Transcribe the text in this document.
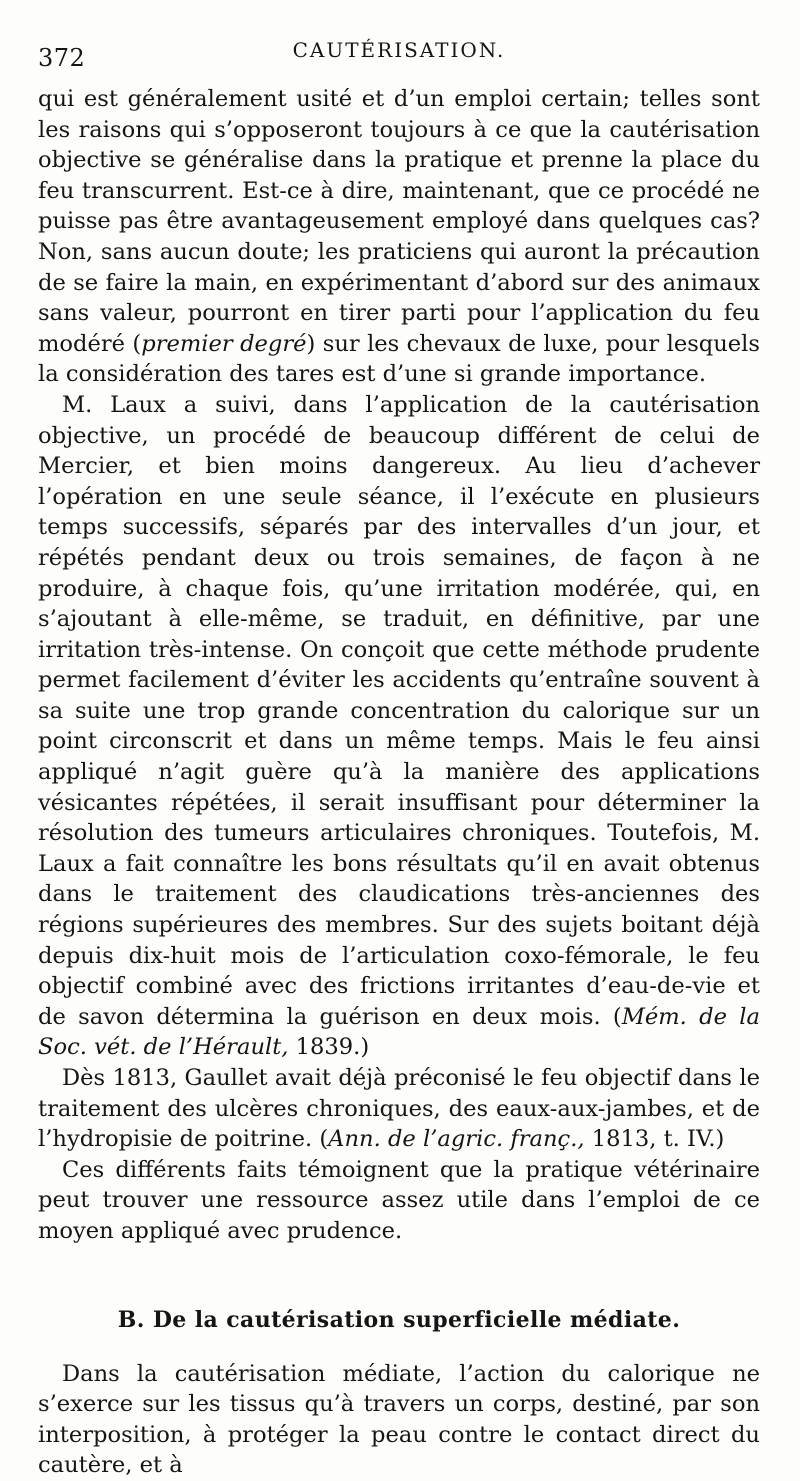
372	CAUTÉRISATION.

qui est généralement usité et d’un emploi certain; telles sont les raisons qui s’opposeront toujours à ce que la cautérisation objective se généralise dans la pratique et prenne la place du feu transcurrent. Est-ce à dire, maintenant, que ce procédé ne puisse pas être avantageusement employé dans quelques cas? Non, sans aucun doute; les praticiens qui auront la précaution de se faire la main, en expérimentant d’abord sur des animaux sans valeur, pourront en tirer parti pour l’application du feu modéré (premier degré) sur les chevaux de luxe, pour lesquels la considération des tares est d’une si grande importance.

M. Laux a suivi, dans l’application de la cautérisation objective, un procédé de beaucoup différent de celui de Mercier, et bien moins dangereux. Au lieu d’achever l’opération en une seule séance, il l’exécute en plusieurs temps successifs, séparés par des intervalles d’un jour, et répétés pendant deux ou trois semaines, de façon à ne produire, à chaque fois, qu’une irritation modérée, qui, en s’ajoutant à elle-même, se traduit, en définitive, par une irritation très-intense. On conçoit que cette méthode prudente permet facilement d’éviter les accidents qu’entraîne souvent à sa suite une trop grande concentration du calorique sur un point circonscrit et dans un même temps. Mais le feu ainsi appliqué n’agit guère qu’à la manière des applications vésicantes répétées, il serait insuffisant pour déterminer la résolution des tumeurs articulaires chroniques. Toutefois, M. Laux a fait connaître les bons résultats qu’il en avait obtenus dans le traitement des claudications très-anciennes des régions supérieures des membres. Sur des sujets boitant déjà depuis dix-huit mois de l’articulation coxo-fémorale, le feu objectif combiné avec des frictions irritantes d’eau-de-vie et de savon détermina la guérison en deux mois. (Mém. de la Soc. vét. de l’Hérault, 1839.)

Dès 1813, Gaullet avait déjà préconisé le feu objectif dans le traitement des ulcères chroniques, des eaux-aux-jambes, et de l’hydropisie de poitrine. (Ann. de l’agric. franç., 1813, t. IV.)

Ces différents faits témoignent que la pratique vétérinaire peut trouver une ressource assez utile dans l’emploi de ce moyen appliqué avec prudence.

B. De la cautérisation superficielle médiate.

Dans la cautérisation médiate, l’action du calorique ne s’exerce sur les tissus qu’à travers un corps, destiné, par son interposition, à protéger la peau contre le contact direct du cautère, et à
